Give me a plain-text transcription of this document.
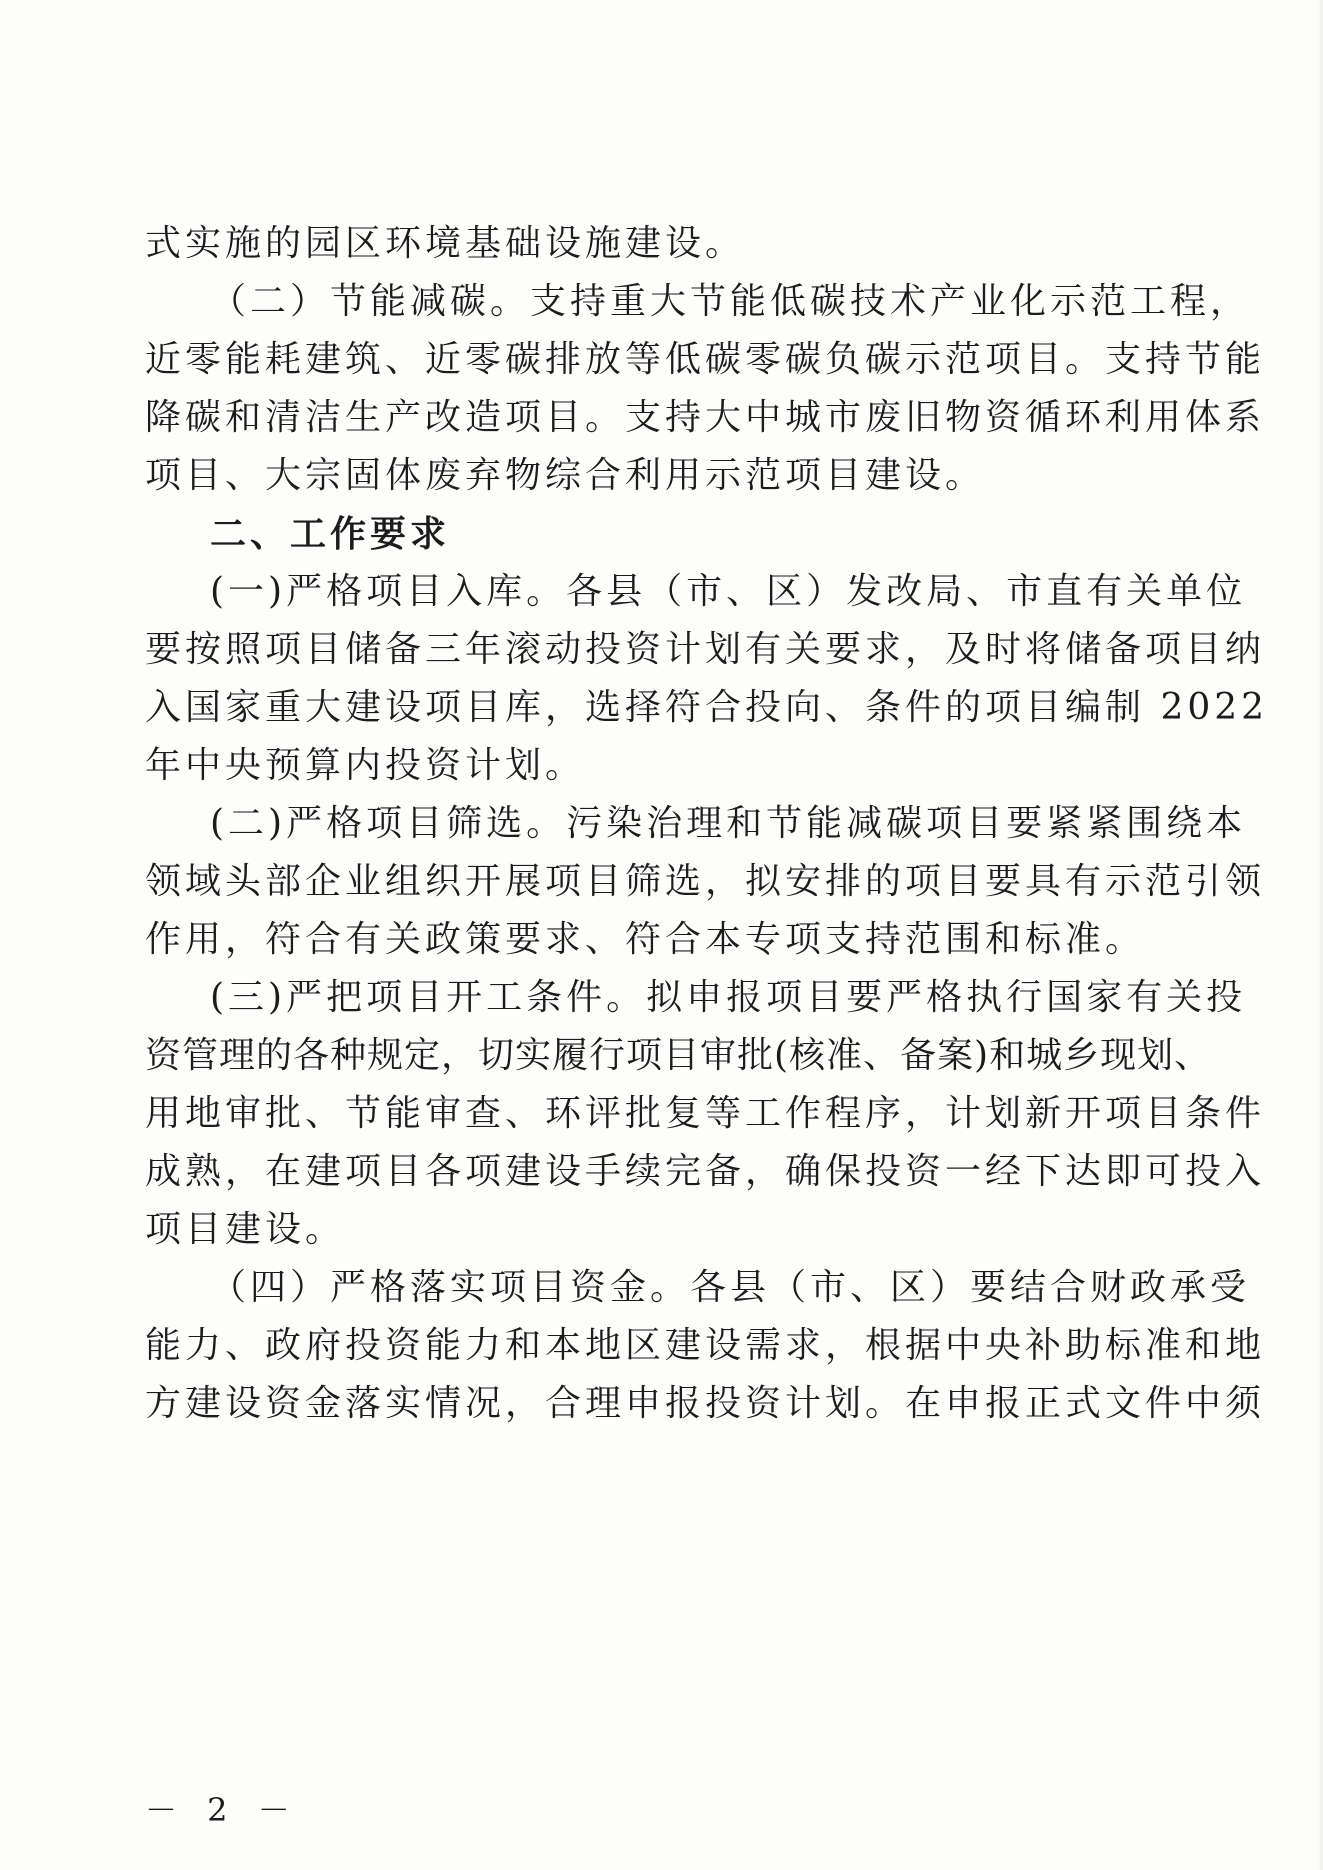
式实施的园区环境基础设施建设。
（二）节能减碳。支持重大节能低碳技术产业化示范工程，
近零能耗建筑、近零碳排放等低碳零碳负碳示范项目。支持节能
降碳和清洁生产改造项目。支持大中城市废旧物资循环利用体系
项目、大宗固体废弃物综合利用示范项目建设。
二、工作要求
(一)严格项目入库。各县（市、区）发改局、市直有关单位
要按照项目储备三年滚动投资计划有关要求，及时将储备项目纳
入国家重大建设项目库，选择符合投向、条件的项目编制 2022
年中央预算内投资计划。
(二)严格项目筛选。污染治理和节能减碳项目要紧紧围绕本
领域头部企业组织开展项目筛选，拟安排的项目要具有示范引领
作用，符合有关政策要求、符合本专项支持范围和标准。
(三)严把项目开工条件。拟申报项目要严格执行国家有关投
资管理的各种规定，切实履行项目审批(核准、备案)和城乡现划、
用地审批、节能审查、环评批复等工作程序，计划新开项目条件
成熟，在建项目各项建设手续完备，确保投资一经下达即可投入
项目建设。
（四）严格落实项目资金。各县（市、区）要结合财政承受
能力、政府投资能力和本地区建设需求，根据中央补助标准和地
方建设资金落实情况，合理申报投资计划。在申报正式文件中须
－ 2 －
